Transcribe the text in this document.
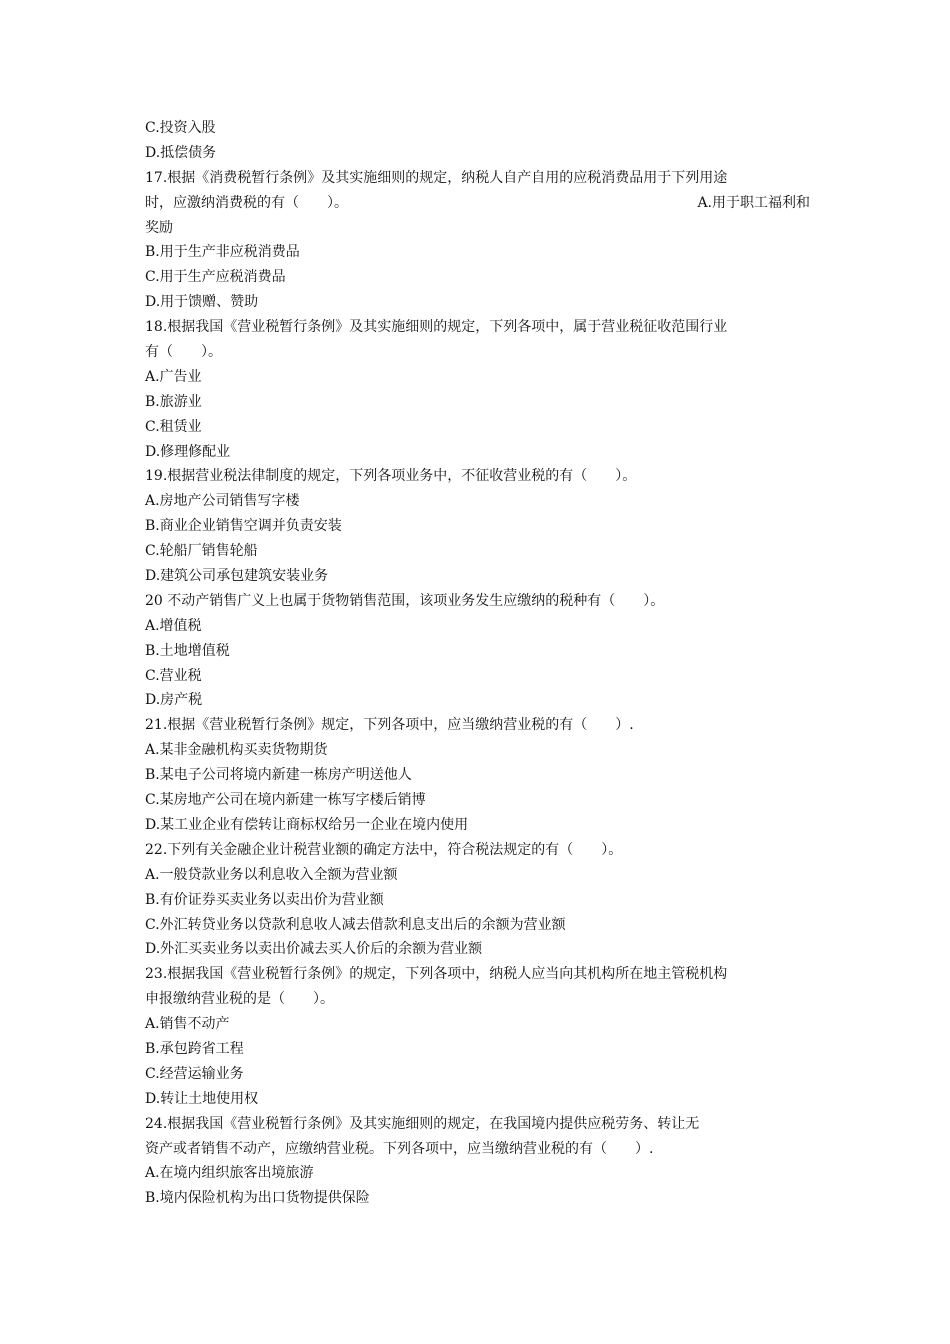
C.投资入股
D.抵偿债务
17.根据《消费税暂行条例》及其实施细则的规定，纳税人自产自用的应税消费品用于下列用途
时，应激纳消费税的有（　　）。	A.用于职工福利和
奖励
B.用于生产非应税消费品
C.用于生产应税消费品
D.用于馈赠、赞助
18.根据我国《营业税暂行条例》及其实施细则的规定，下列各项中，属于营业税征收范围行业
有（　　）。
A.广告业
B.旅游业
C.租赁业
D.修理修配业
19.根据营业税法律制度的规定，下列各项业务中，不征收营业税的有（　　）。
A.房地产公司销售写字楼
B.商业企业销售空调并负责安装
C.轮船厂销售轮船
D.建筑公司承包建筑安装业务
20 不动产销售广义上也属于货物销售范围，该项业务发生应缴纳的税种有（　　）。
A.增值税
B.土地增值税
C.营业税
D.房产税
21.根据《营业税暂行条例》规定，下列各项中，应当缴纳营业税的有（　　）.
A.某非金融机构买卖货物期货
B.某电子公司将境内新建一栋房产明送他人
C.某房地产公司在境内新建一栋写字楼后销博
D.某工业企业有偿转让商标权给另一企业在境内使用
22.下列有关金融企业计税营业额的确定方法中，符合税法规定的有（　　）。
A.一般贷款业务以利息收入全额为营业额
B.有价证券买卖业务以卖出价为营业额
C.外汇转贷业务以贷款利息收人减去借款利息支出后的余额为营业额
D.外汇买卖业务以卖出价减去买人价后的余额为营业额
23.根据我国《营业税暂行条例》的规定，下列各项中，纳税人应当向其机构所在地主管税机构
申报缴纳营业税的是（　　）。
A.销售不动产
B.承包跨省工程
C.经营运输业务
D.转让土地使用权
24.根据我国《营业税暂行条例》及其实施细则的规定，在我国境内提供应税劳务、转让无
资产或者销售不动产，应缴纳营业税。下列各项中，应当缴纳营业税的有（　　）.
A.在境内组织旅客出境旅游
B.境内保险机构为出口货物提供保险
